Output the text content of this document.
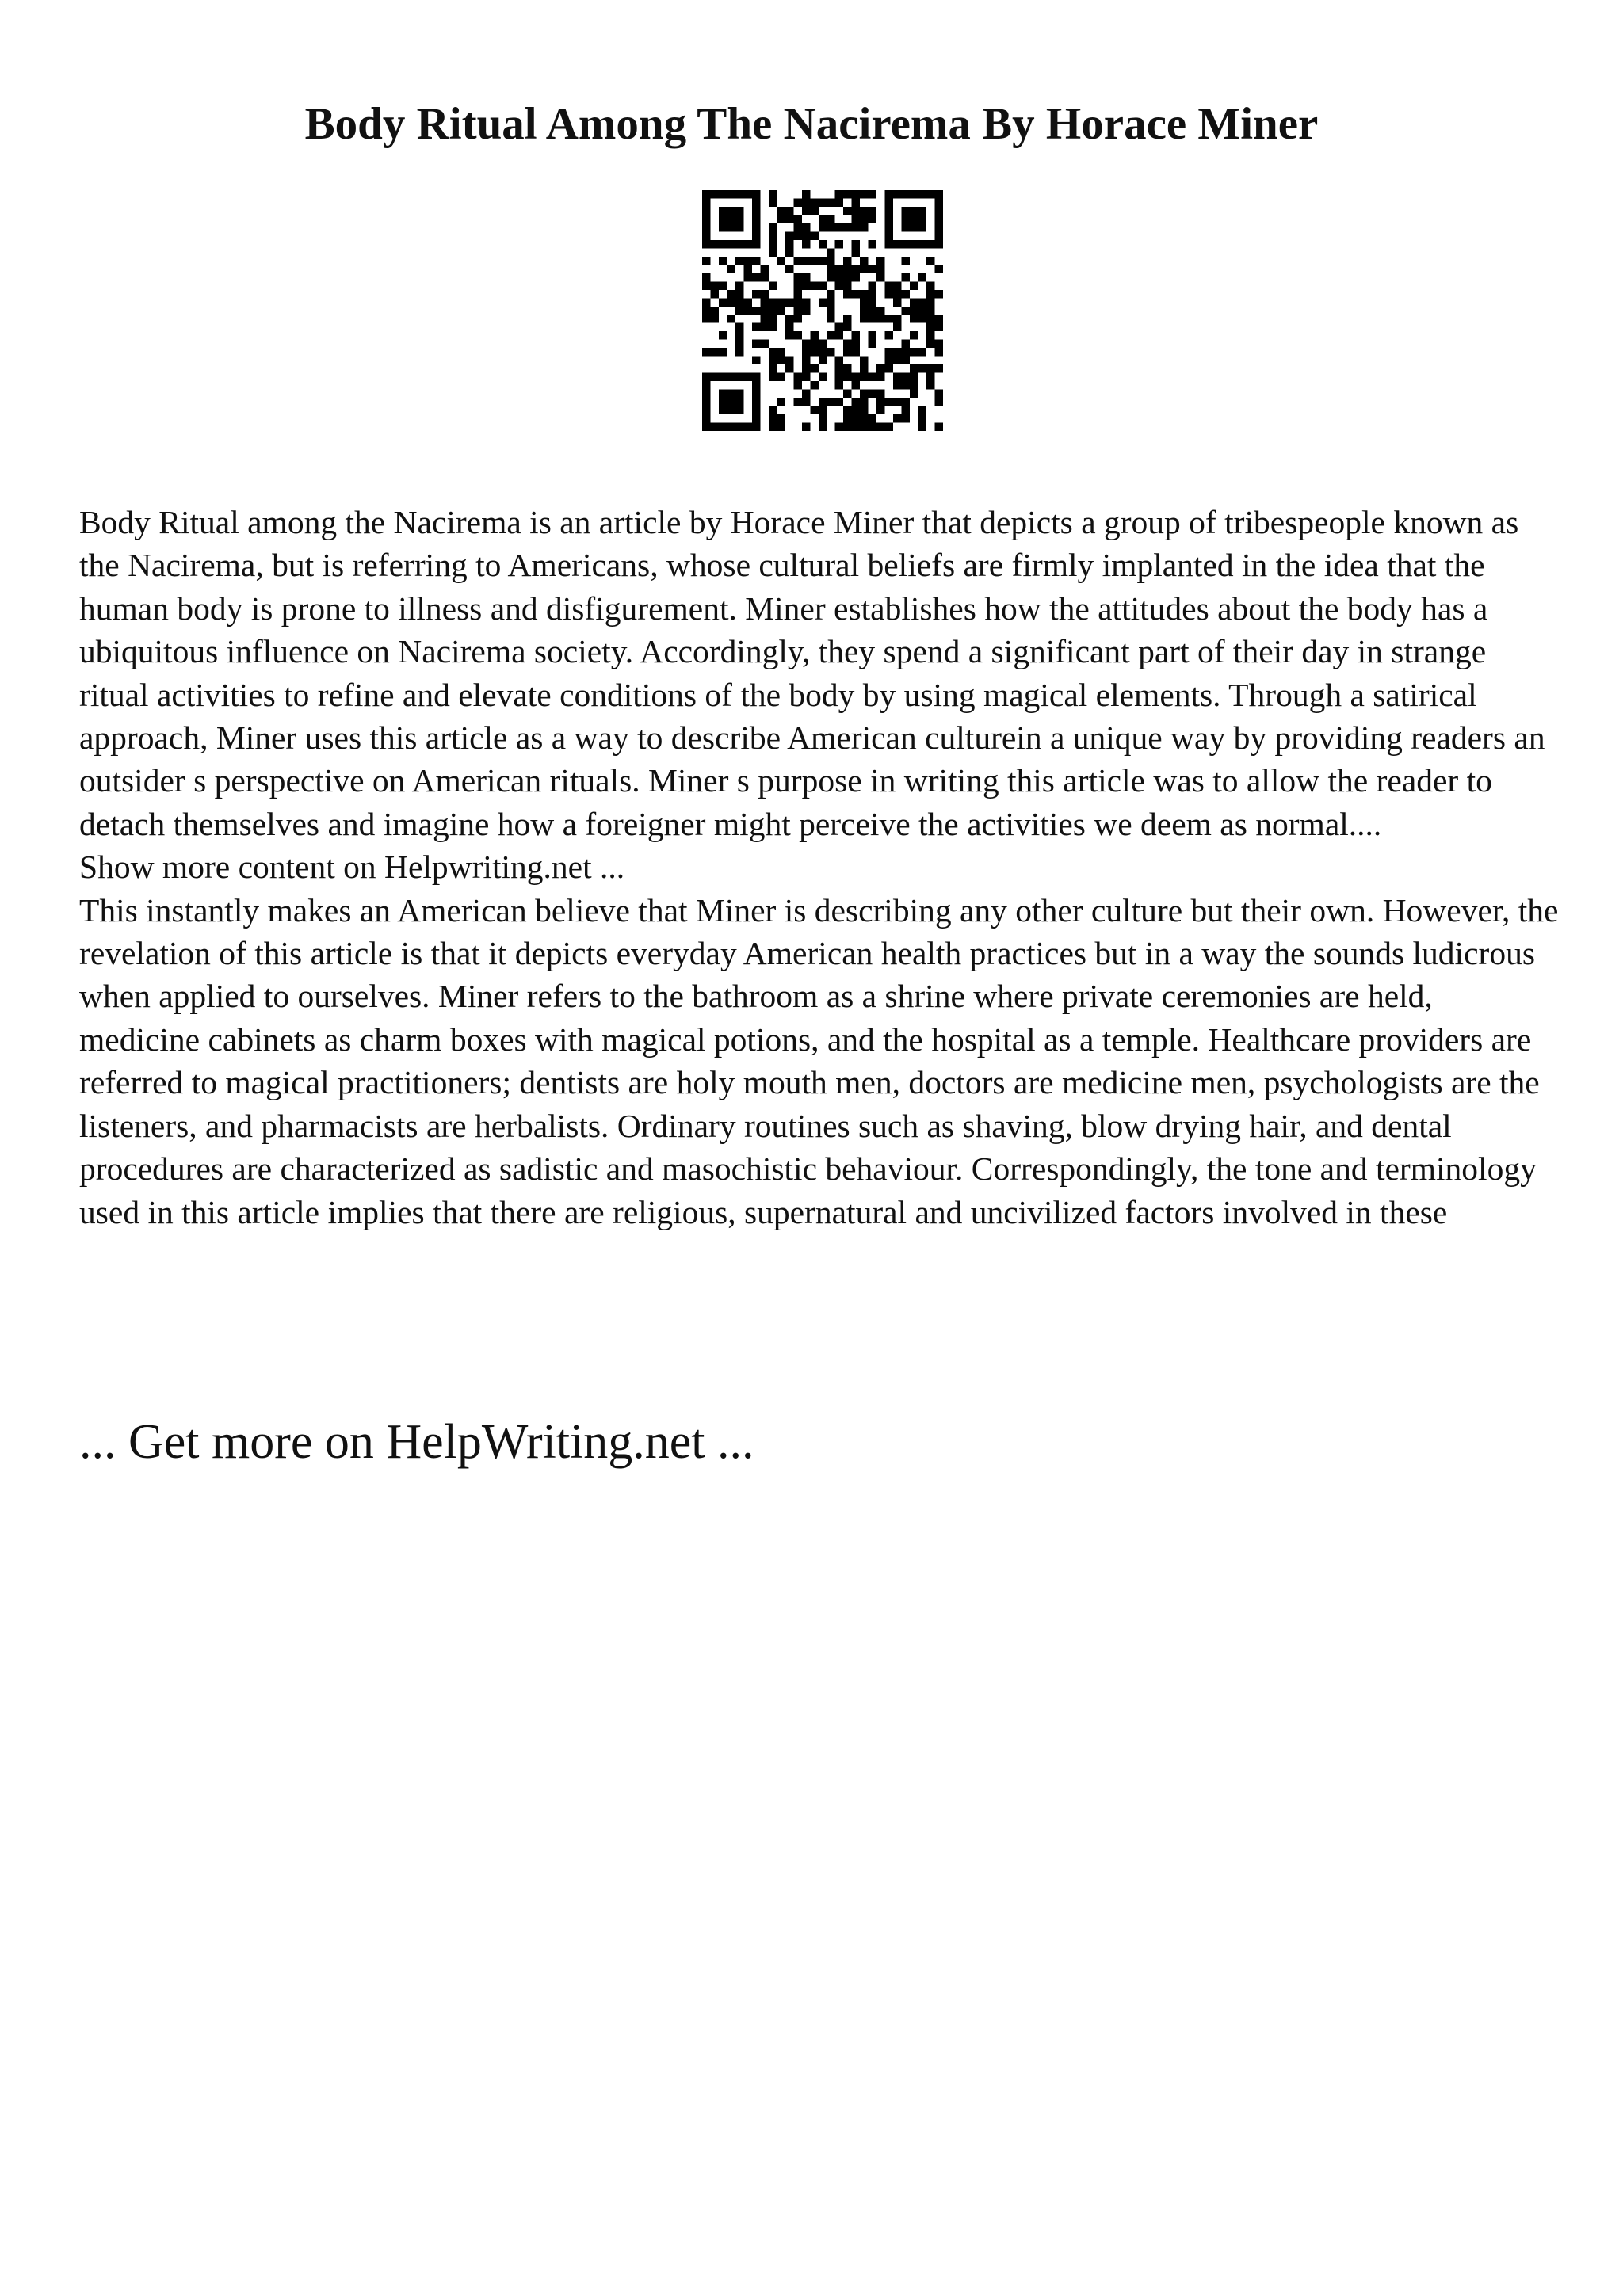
Body Ritual Among The Nacirema By Horace Miner

Body Ritual among the Nacirema is an article by Horace Miner that depicts a group of tribespeople known as the Nacirema, but is referring to Americans, whose cultural beliefs are firmly implanted in the idea that the human body is prone to illness and disfigurement. Miner establishes how the attitudes about the body has a ubiquitous influence on Nacirema society. Accordingly, they spend a significant part of their day in strange ritual activities to refine and elevate conditions of the body by using magical elements. Through a satirical approach, Miner uses this article as a way to describe American culturein a unique way by providing readers an outsider s perspective on American rituals. Miner s purpose in writing this article was to allow the reader to detach themselves and imagine how a foreigner might perceive the activities we deem as normal....

Show more content on Helpwriting.net ...

This instantly makes an American believe that Miner is describing any other culture but their own. However, the revelation of this article is that it depicts everyday American health practices but in a way the sounds ludicrous when applied to ourselves. Miner refers to the bathroom as a shrine where private ceremonies are held, medicine cabinets as charm boxes with magical potions, and the hospital as a temple. Healthcare providers are referred to magical practitioners; dentists are holy mouth men, doctors are medicine men, psychologists are the listeners, and pharmacists are herbalists. Ordinary routines such as shaving, blow drying hair, and dental procedures are characterized as sadistic and masochistic behaviour. Correspondingly, the tone and terminology used in this article implies that there are religious, supernatural and uncivilized factors involved in these

... Get more on HelpWriting.net ...
